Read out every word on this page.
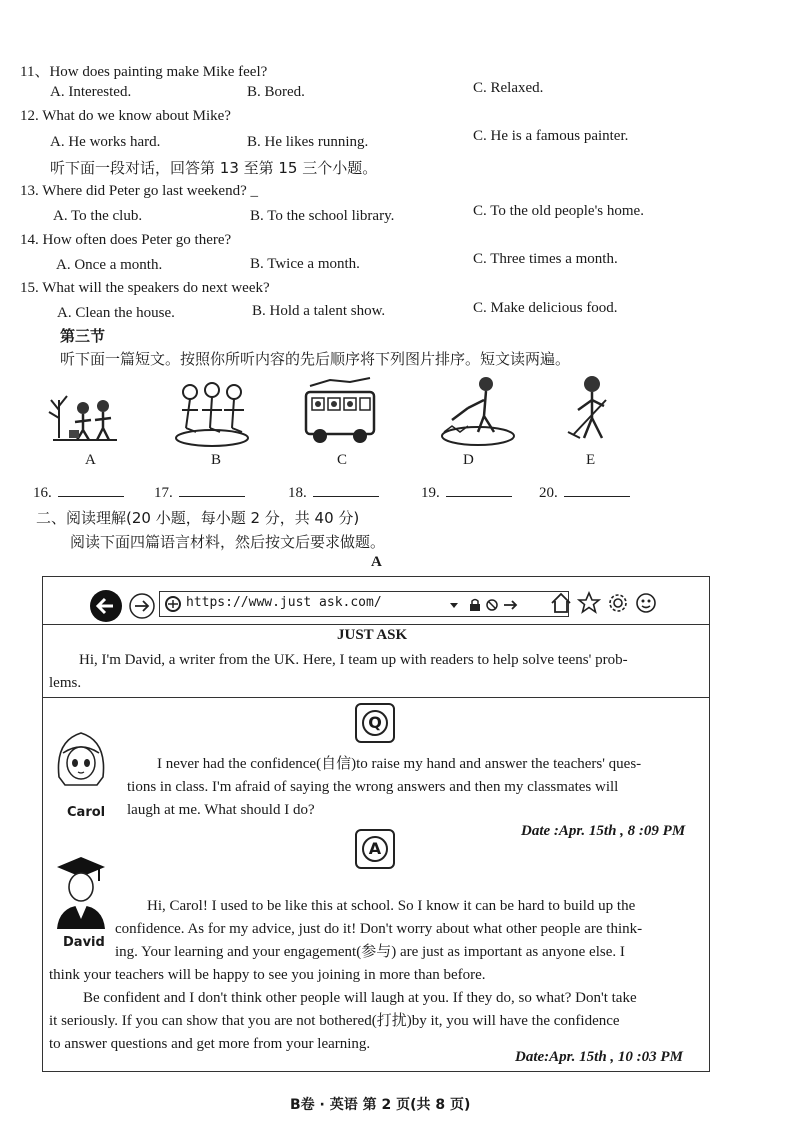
11、How does painting make Mike feel?
A. Interested.	B. Bored.	C. Relaxed.
12. What do we know about Mike?
A. He works hard.	B. He likes running.	C. He is a famous painter.
听下面一段对话，回答第 13 至第 15 三个小题。
13. Where did Peter go last weekend? _
A. To the club.	B. To the school library.	C. To the old people's home.
14. How often does Peter go there?
A. Once a month.	B. Twice a month.	C. Three times a month.
15. What will the speakers do next week?
A. Clean the house.	B. Hold a talent show.	C. Make delicious food.
第三节
听下面一篇短文。按照你所听内容的先后顺序将下列图片排序。短文读两遍。
A	B	C	D	E
16.	17.	18.	19.	20.
二、阅读理解(20 小题，每小题 2 分，共 40 分)
阅读下面四篇语言材料，然后按文后要求做题。
A
https://www.just ask.com/
JUST ASK
Hi, I'm David, a writer from the UK. Here, I team up with readers to help solve teens' prob-
lems.
Q
Carol
I never had the confidence(自信)to raise my hand and answer the teachers' ques-
tions in class. I'm afraid of saying the wrong answers and then my classmates will
laugh at me. What should I do?
Date :Apr. 15th , 8 :09 PM
A
David
Hi, Carol! I used to be like this at school. So I know it can be hard to build up the
confidence. As for my advice, just do it! Don't worry about what other people are think-
ing. Your learning and your engagement(参与) are just as important as anyone else. I
think your teachers will be happy to see you joining in more than before.
Be confident and I don't think other people will laugh at you. If they do, so what? Don't take
it seriously. If you can show that you are not bothered(打扰)by it, you will have the confidence
to answer questions and get more from your learning.
Date:Apr. 15th , 10 :03 PM
B卷 · 英语 第 2 页(共 8 页)
